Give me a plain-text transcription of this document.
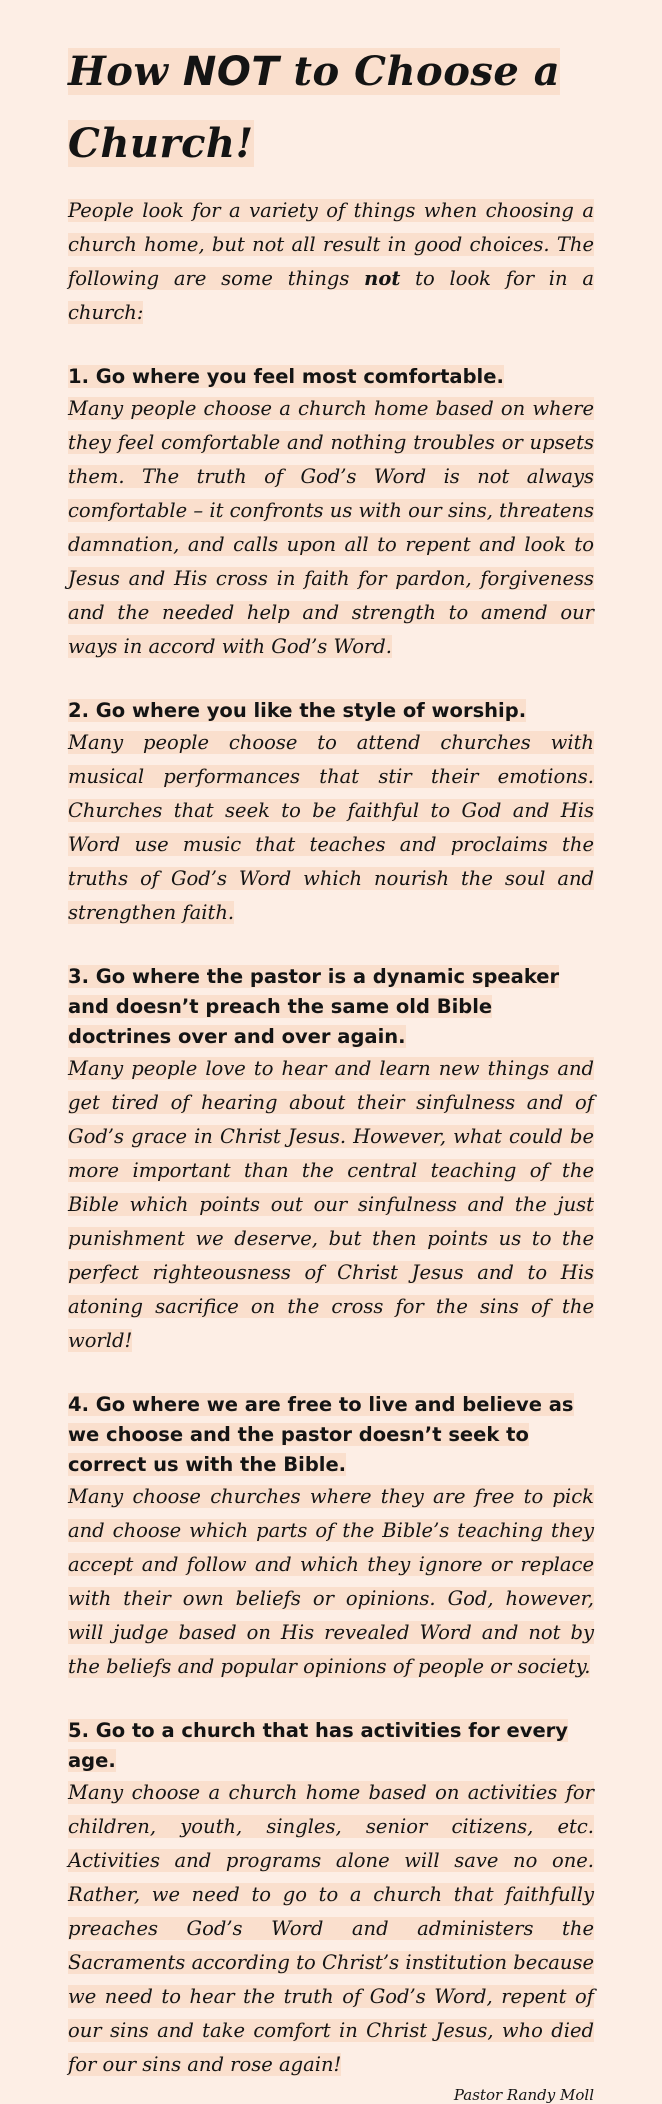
How NOT to Choose a Church!

People look for a variety of things when choosing a church home, but not all result in good choices. The following are some things not to look for in a church:

1. Go where you feel most comfortable.

Many people choose a church home based on where they feel comfortable and nothing troubles or upsets them. The truth of God’s Word is not always comfortable – it confronts us with our sins, threatens damnation, and calls upon all to repent and look to Jesus and His cross in faith for pardon, forgiveness and the needed help and strength to amend our ways in accord with God’s Word.

2. Go where you like the style of worship.

Many people choose to attend churches with musical performances that stir their emotions. Churches that seek to be faithful to God and His Word use music that teaches and proclaims the truths of God’s Word which nourish the soul and strengthen faith.

3. Go where the pastor is a dynamic speaker and doesn’t preach the same old Bible doctrines over and over again.

Many people love to hear and learn new things and get tired of hearing about their sinfulness and of God’s grace in Christ Jesus. However, what could be more important than the central teaching of the Bible which points out our sinfulness and the just punishment we deserve, but then points us to the perfect righteousness of Christ Jesus and to His atoning sacrifice on the cross for the sins of the world!

4. Go where we are free to live and believe as we choose and the pastor doesn’t seek to correct us with the Bible.

Many choose churches where they are free to pick and choose which parts of the Bible’s teaching they accept and follow and which they ignore or replace with their own beliefs or opinions. God, however, will judge based on His revealed Word and not by the beliefs and popular opinions of people or society.

5. Go to a church that has activities for every age.

Many choose a church home based on activities for children, youth, singles, senior citizens, etc. Activities and programs alone will save no one. Rather, we need to go to a church that faithfully preaches God’s Word and administers the Sacraments according to Christ’s institution because we need to hear the truth of God’s Word, repent of our sins and take comfort in Christ Jesus, who died for our sins and rose again!

Pastor Randy Moll
